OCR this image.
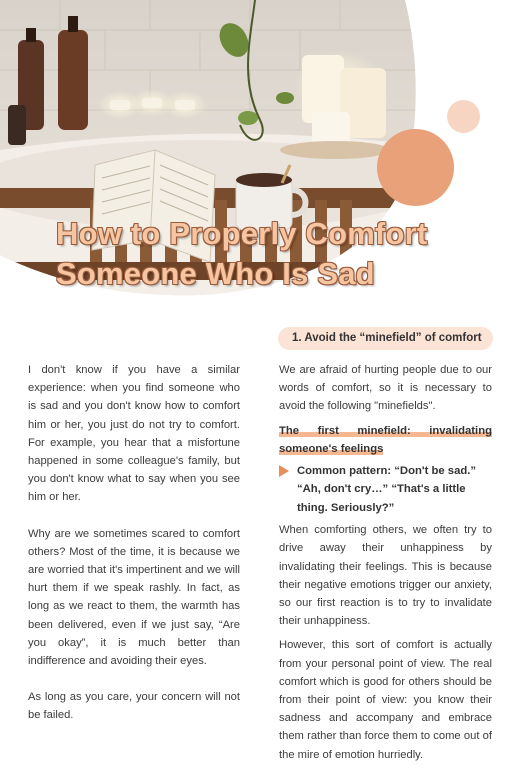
How to Properly Comfort
Someone Who Is Sad
1. Avoid the “minefield” of comfort

I don't know if you have a similar experience: when you find someone who is sad and you don't know how to comfort him or her, you just do not try to comfort. For example, you hear that a misfortune happened in some colleague's family, but you don't know what to say when you see him or her.

Why are we sometimes scared to comfort others? Most of the time, it is because we are worried that it's impertinent and we will hurt them if we speak rashly. In fact, as long as we react to them, the warmth has been delivered, even if we just say, “Are you okay”, it is much better than indifference and avoiding their eyes.

As long as you care, your concern will not be failed.

We are afraid of hurting people due to our words of comfort, so it is necessary to avoid the following "minefields".

The first minefield: invalidating someone's feelings
Common pattern: “Don't be sad.” “Ah, don't cry…” “That's a little thing. Seriously?”

When comforting others, we often try to drive away their unhappiness by invalidating their feelings. This is because their negative emotions trigger our anxiety, so our first reaction is to try to invalidate their unhappiness.

However, this sort of comfort is actually from your personal point of view. The real comfort which is good for others should be from their point of view: you know their sadness and accompany and embrace them rather than force them to come out of the mire of emotion hurriedly.
